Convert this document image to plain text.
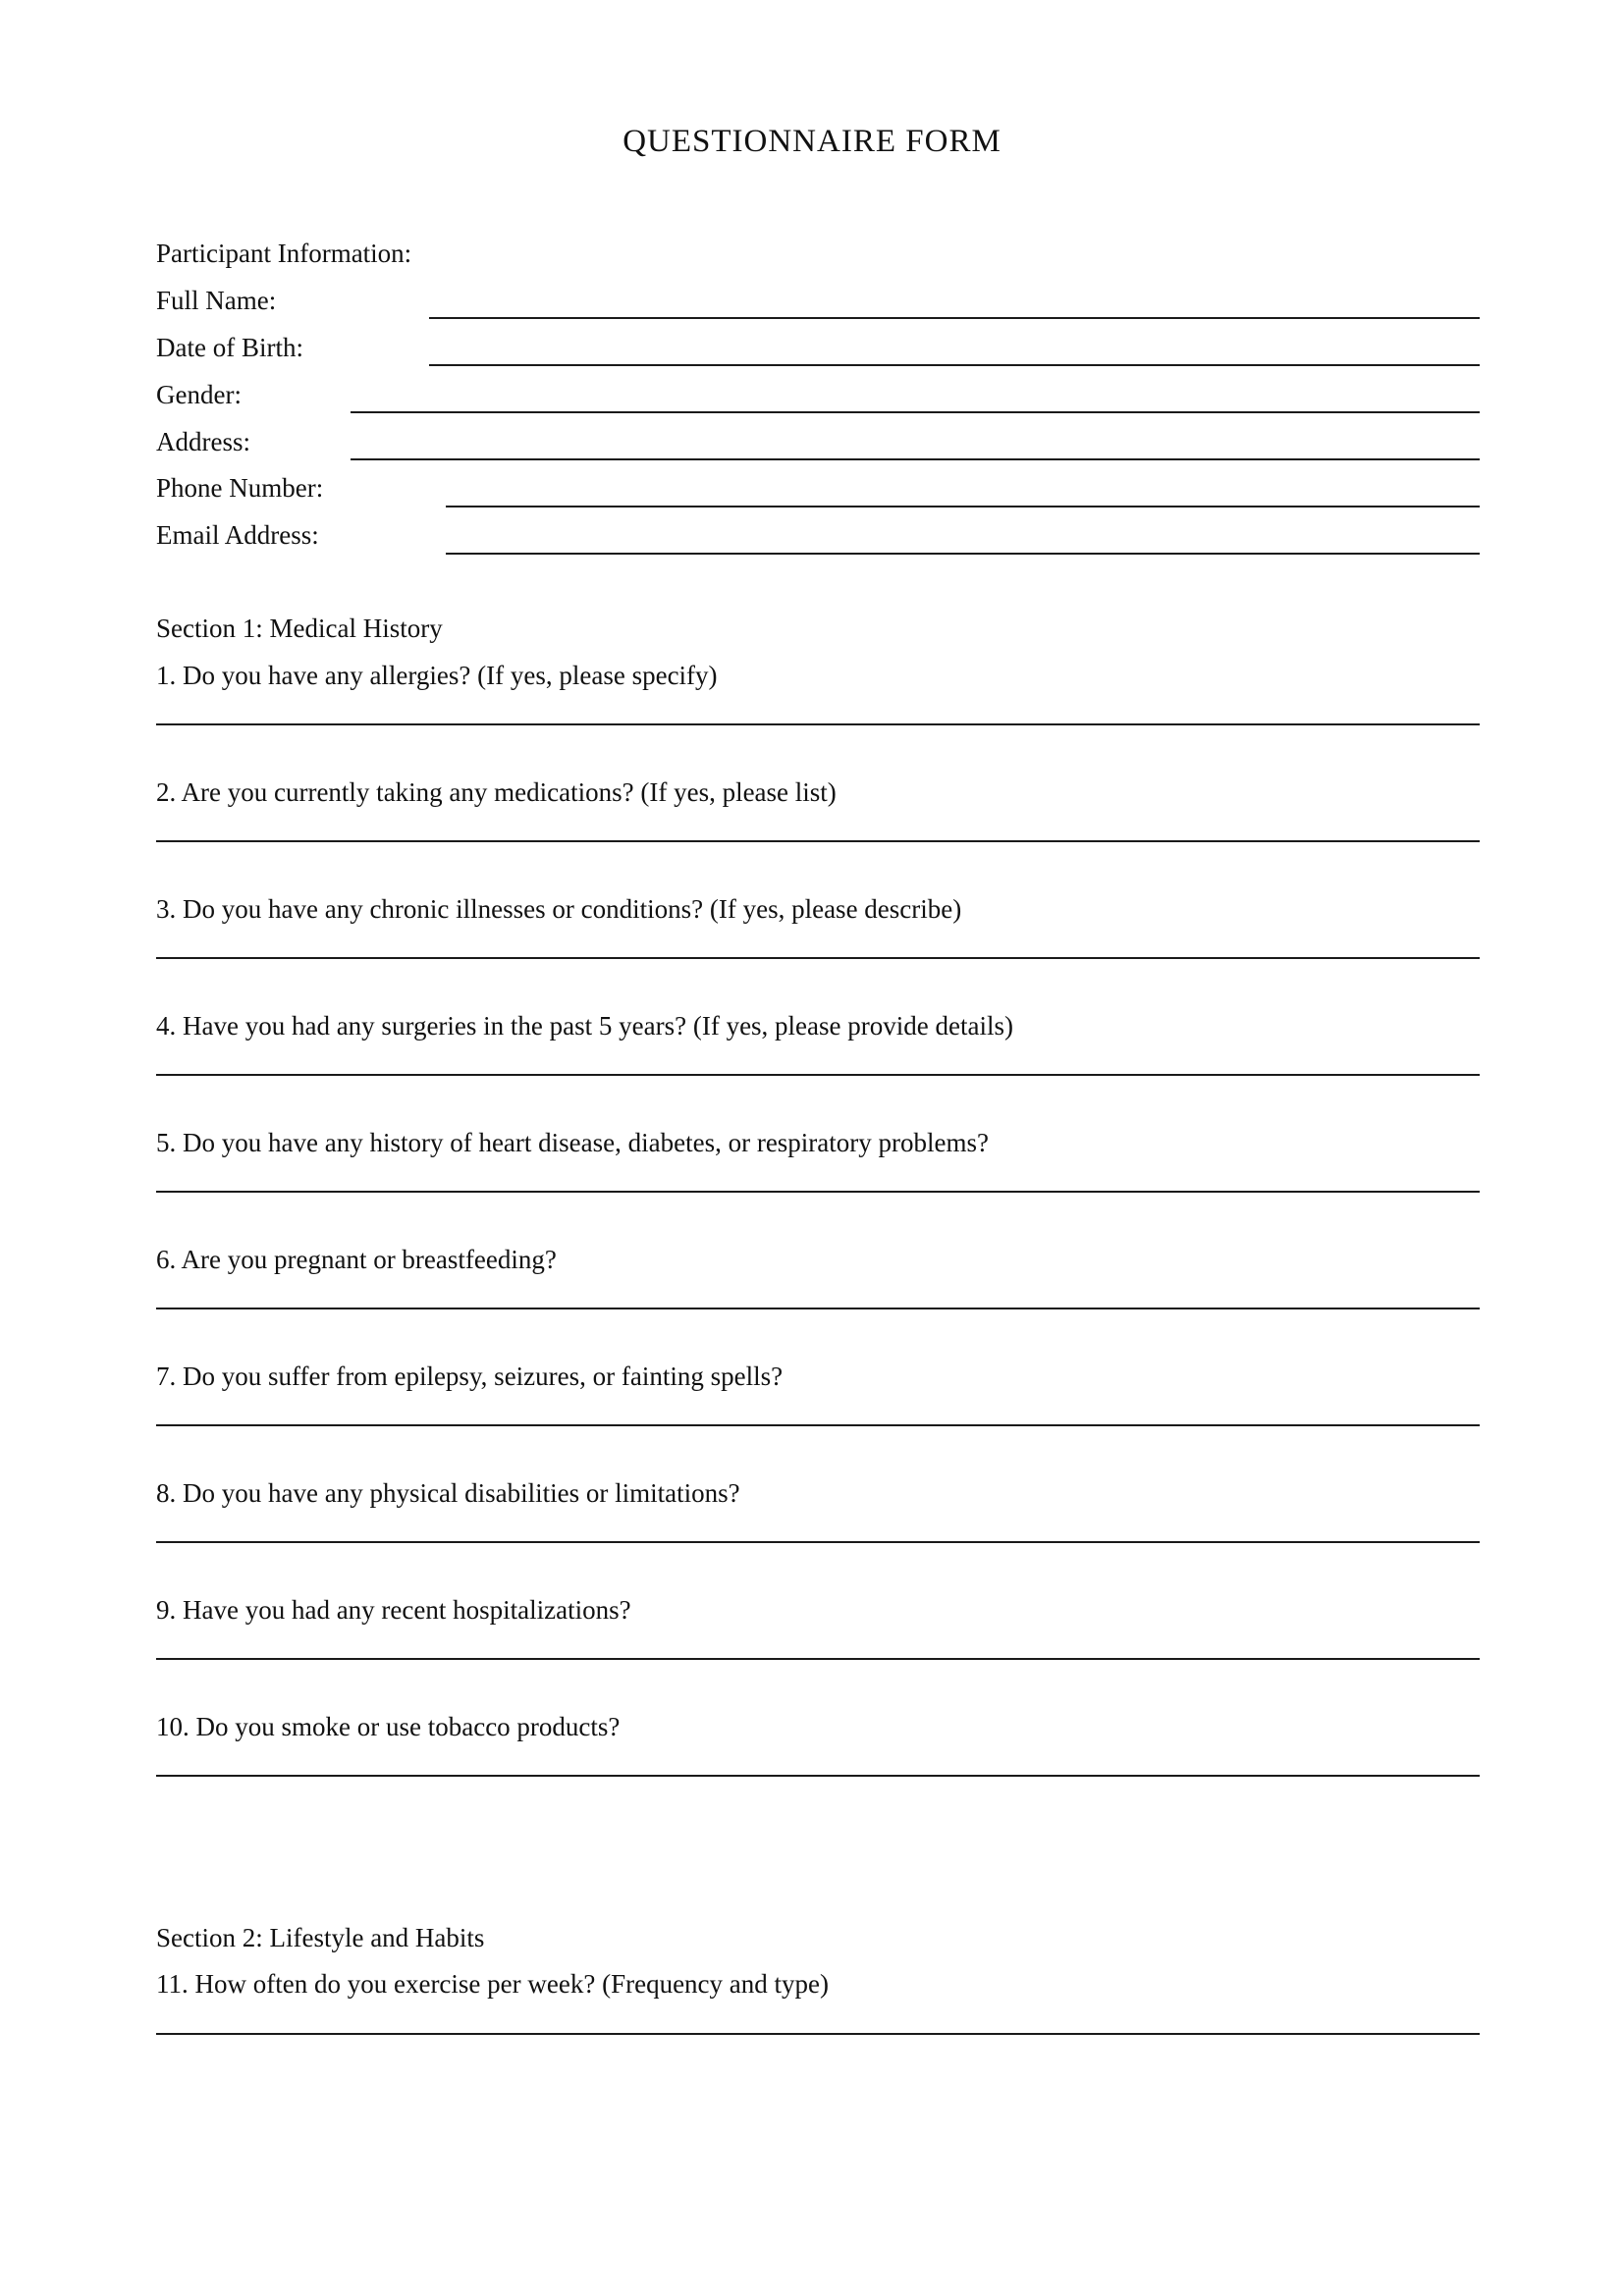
QUESTIONNAIRE FORM
Participant Information:
Full Name:
Date of Birth:
Gender:
Address:
Phone Number:
Email Address:
Section 1: Medical History
1. Do you have any allergies? (If yes, please specify)
2. Are you currently taking any medications? (If yes, please list)
3. Do you have any chronic illnesses or conditions? (If yes, please describe)
4. Have you had any surgeries in the past 5 years? (If yes, please provide details)
5. Do you have any history of heart disease, diabetes, or respiratory problems?
6. Are you pregnant or breastfeeding?
7. Do you suffer from epilepsy, seizures, or fainting spells?
8. Do you have any physical disabilities or limitations?
9. Have you had any recent hospitalizations?
10. Do you smoke or use tobacco products?
Section 2: Lifestyle and Habits
11. How often do you exercise per week? (Frequency and type)
